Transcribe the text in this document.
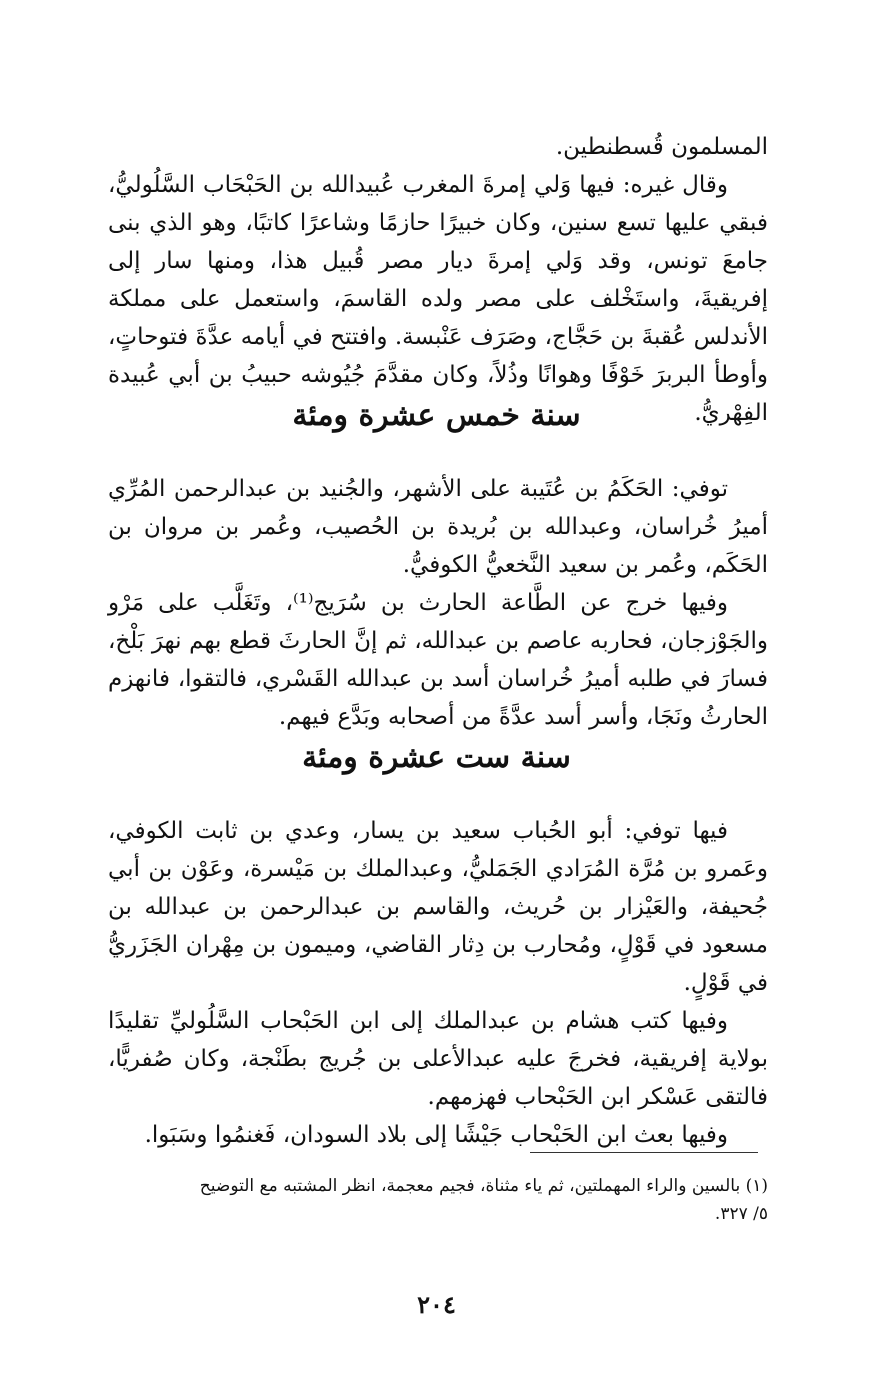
المسلمون قُسطنطين.

وقال غيره: فيها وَلي إمرةَ المغرب عُبيدالله بن الحَبْحَاب السَّلُوليُّ، فبقي عليها تسع سنين، وكان خبيرًا حازمًا وشاعرًا كاتبًا، وهو الذي بنى جامعَ تونس، وقد وَلي إمرةَ ديار مصر قُبيل هذا، ومنها سار إلى إفريقيةَ، واستَخْلف على مصر ولده القاسمَ، واستعمل على مملكة الأندلس عُقبةَ بن حَجَّاج، وصَرَف عَنْبسة. وافتتح في أيامه عدَّةَ فتوحاتٍ، وأوطأ البربرَ خَوْفًا وهوانًا وذُلاً، وكان مقدَّمَ جُيُوشه حبيبُ بن أبي عُبيدة الفِهْريُّ.

سنة خمس عشرة ومئة

توفي: الحَكَمُ بن عُتَيبة على الأشهر، والجُنيد بن عبدالرحمن المُرِّي أميرُ خُراسان، وعبدالله بن بُريدة بن الحُصيب، وعُمر بن مروان بن الحَكَم، وعُمر بن سعيد النَّخعيُّ الكوفيُّ.

وفيها خرج عن الطَّاعة الحارث بن سُرَيج⁽¹⁾، وتَغَلَّب على مَرْو والجَوْزجان، فحاربه عاصم بن عبدالله، ثم إنَّ الحارثَ قطع بهم نهرَ بَلْخ، فسارَ في طلبه أميرُ خُراسان أسد بن عبدالله القَسْري، فالتقوا، فانهزم الحارثُ ونَجَا، وأسر أسد عدَّةً من أصحابه وبَدَّع فيهم.

سنة ست عشرة ومئة

فيها توفي: أبو الحُباب سعيد بن يسار، وعدي بن ثابت الكوفي، وعَمرو بن مُرَّة المُرَادي الجَمَليُّ، وعبدالملك بن مَيْسرة، وعَوْن بن أبي جُحيفة، والعَيْزار بن حُريث، والقاسم بن عبدالرحمن بن عبدالله بن مسعود في قَوْلٍ، ومُحارب بن دِثار القاضي، وميمون بن مِهْران الجَزَريُّ في قَوْلٍ.

وفيها كتب هشام بن عبدالملك إلى ابن الحَبْحاب السَّلُوليِّ تقليدًا بولاية إفريقية، فخرجَ عليه عبدالأعلى بن جُريج بطَنْجة، وكان صُفريًّا، فالتقى عَسْكر ابن الحَبْحاب فهزمهم.

وفيها بعث ابن الحَبْحاب جَيْشًا إلى بلاد السودان، فَغنمُوا وسَبَوا.

(١) بالسين والراء المهملتين، ثم ياء مثناة، فجيم معجمة، انظر المشتبه مع التوضيح
٥/ ٣٢٧.
٢٠٤
